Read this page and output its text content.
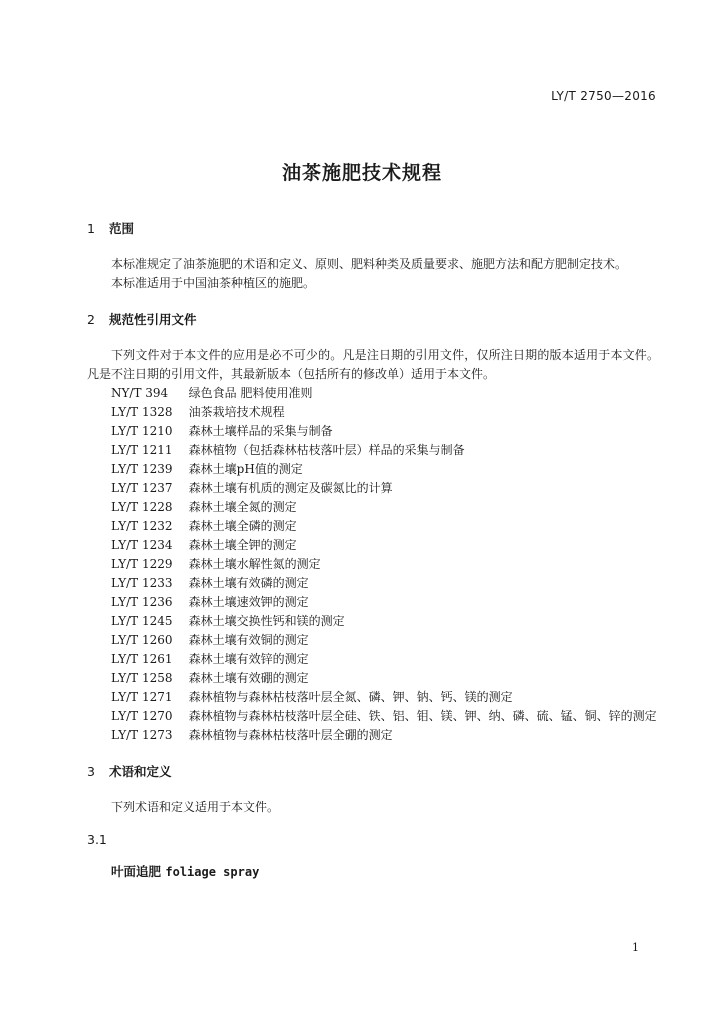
LY/T 2750—2016
油茶施肥技术规程
1 范围
本标准规定了油茶施肥的术语和定义、原则、肥料种类及质量要求、施肥方法和配方肥制定技术。
本标准适用于中国油茶种植区的施肥。
2 规范性引用文件
下列文件对于本文件的应用是必不可少的。凡是注日期的引用文件，仅所注日期的版本适用于本文件。凡是不注日期的引用文件，其最新版本（包括所有的修改单）适用于本文件。
NY/T 394 绿色食品 肥料使用准则
LY/T 1328 油茶栽培技术规程
LY/T 1210 森林土壤样品的采集与制备
LY/T 1211 森林植物（包括森林枯枝落叶层）样品的采集与制备
LY/T 1239 森林土壤pH值的测定
LY/T 1237 森林土壤有机质的测定及碳氮比的计算
LY/T 1228 森林土壤全氮的测定
LY/T 1232 森林土壤全磷的测定
LY/T 1234 森林土壤全钾的测定
LY/T 1229 森林土壤水解性氮的测定
LY/T 1233 森林土壤有效磷的测定
LY/T 1236 森林土壤速效钾的测定
LY/T 1245 森林土壤交换性钙和镁的测定
LY/T 1260 森林土壤有效铜的测定
LY/T 1261 森林土壤有效锌的测定
LY/T 1258 森林土壤有效硼的测定
LY/T 1271 森林植物与森林枯枝落叶层全氮、磷、钾、钠、钙、镁的测定
LY/T 1270 森林植物与森林枯枝落叶层全硅、铁、铝、钼、镁、钾、纳、磷、硫、锰、铜、锌的测定
LY/T 1273 森林植物与森林枯枝落叶层全硼的测定
3 术语和定义
下列术语和定义适用于本文件。
3.1
叶面追肥 foliage spray
1
